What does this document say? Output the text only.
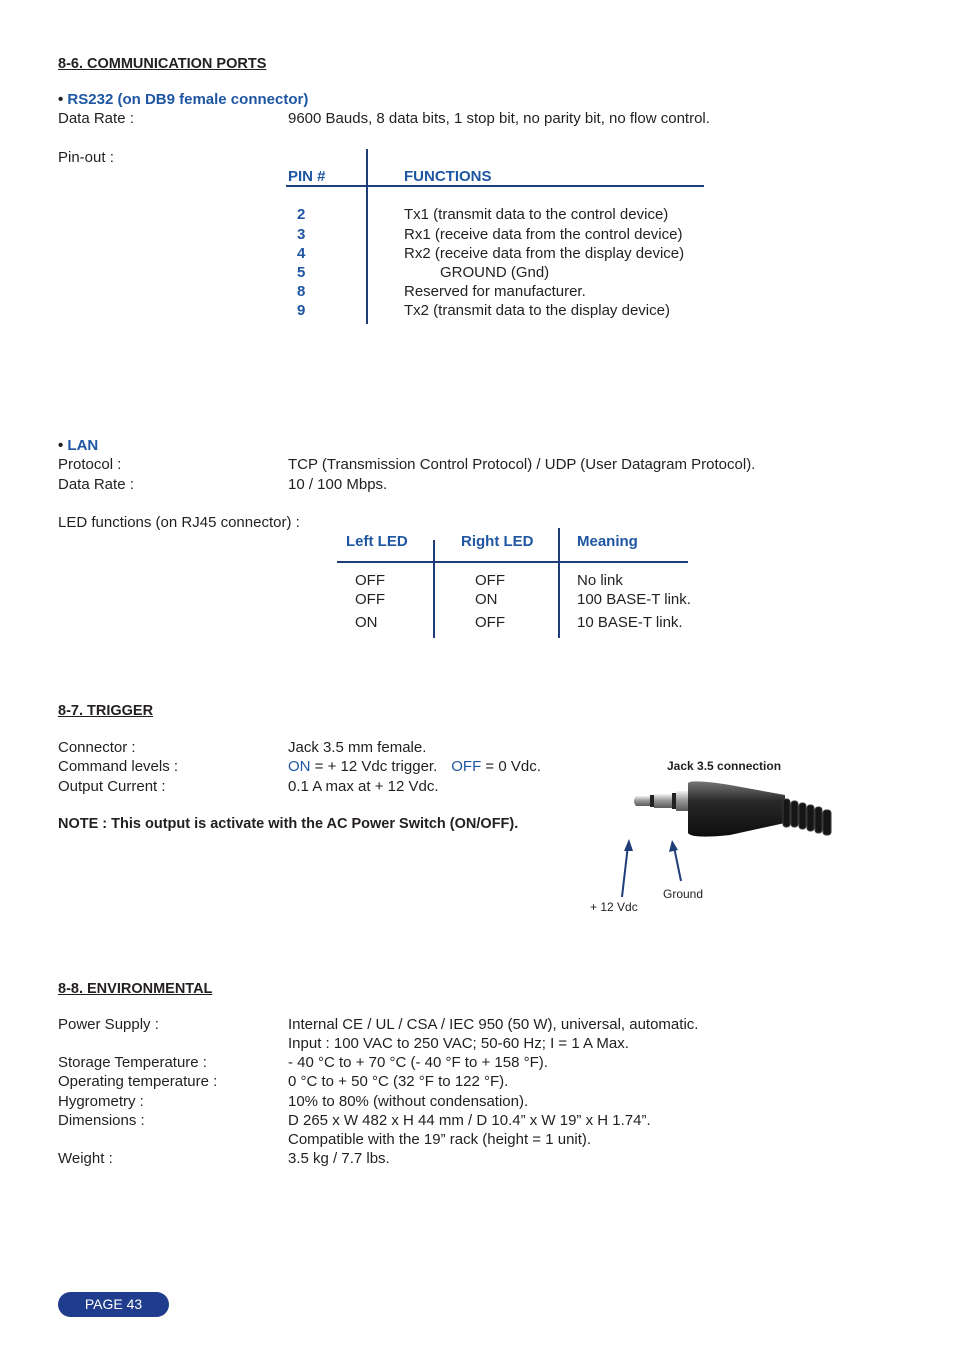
8-6. COMMUNICATION PORTS
• RS232 (on DB9 female connector)
Data Rate :	9600 Bauds, 8 data bits, 1 stop bit, no parity bit, no flow control.
Pin-out :
PIN #	FUNCTIONS
2	Tx1 (transmit data to the control device)
3	Rx1 (receive data from the control device)
4	Rx2 (receive data from the display device)
5	GROUND (Gnd)
8	Reserved for manufacturer.
9	Tx2 (transmit data to the display device)
• LAN
Protocol :	TCP (Transmission Control Protocol) / UDP (User Datagram Protocol).
Data Rate :	10 / 100 Mbps.
LED functions (on RJ45 connector) :
Left LED	Right LED	Meaning
OFF	OFF	No link
OFF	ON	100 BASE-T link.
ON	OFF	10 BASE-T link.
8-7. TRIGGER
Connector :	Jack 3.5 mm female.
Command levels :	ON = + 12 Vdc trigger. OFF = 0 Vdc.
Output Current :	0.1 A max at + 12 Vdc.
NOTE : This output is activate with the AC Power Switch (ON/OFF).
Jack 3.5 connection
Ground
+ 12 Vdc
8-8. ENVIRONMENTAL
Power Supply :	Internal CE / UL / CSA / IEC 950 (50 W), universal, automatic.
Input : 100 VAC to 250 VAC; 50-60 Hz; I = 1 A Max.
Storage Temperature :	- 40 °C to + 70 °C (- 40 °F to + 158 °F).
Operating temperature :	0 °C to + 50 °C (32 °F to 122 °F).
Hygrometry :	10% to 80% (without condensation).
Dimensions :	D 265 x W 482 x H 44 mm / D 10.4” x W 19” x H 1.74”.
Compatible with the 19” rack (height = 1 unit).
Weight :	3.5 kg / 7.7 lbs.
PAGE 43
